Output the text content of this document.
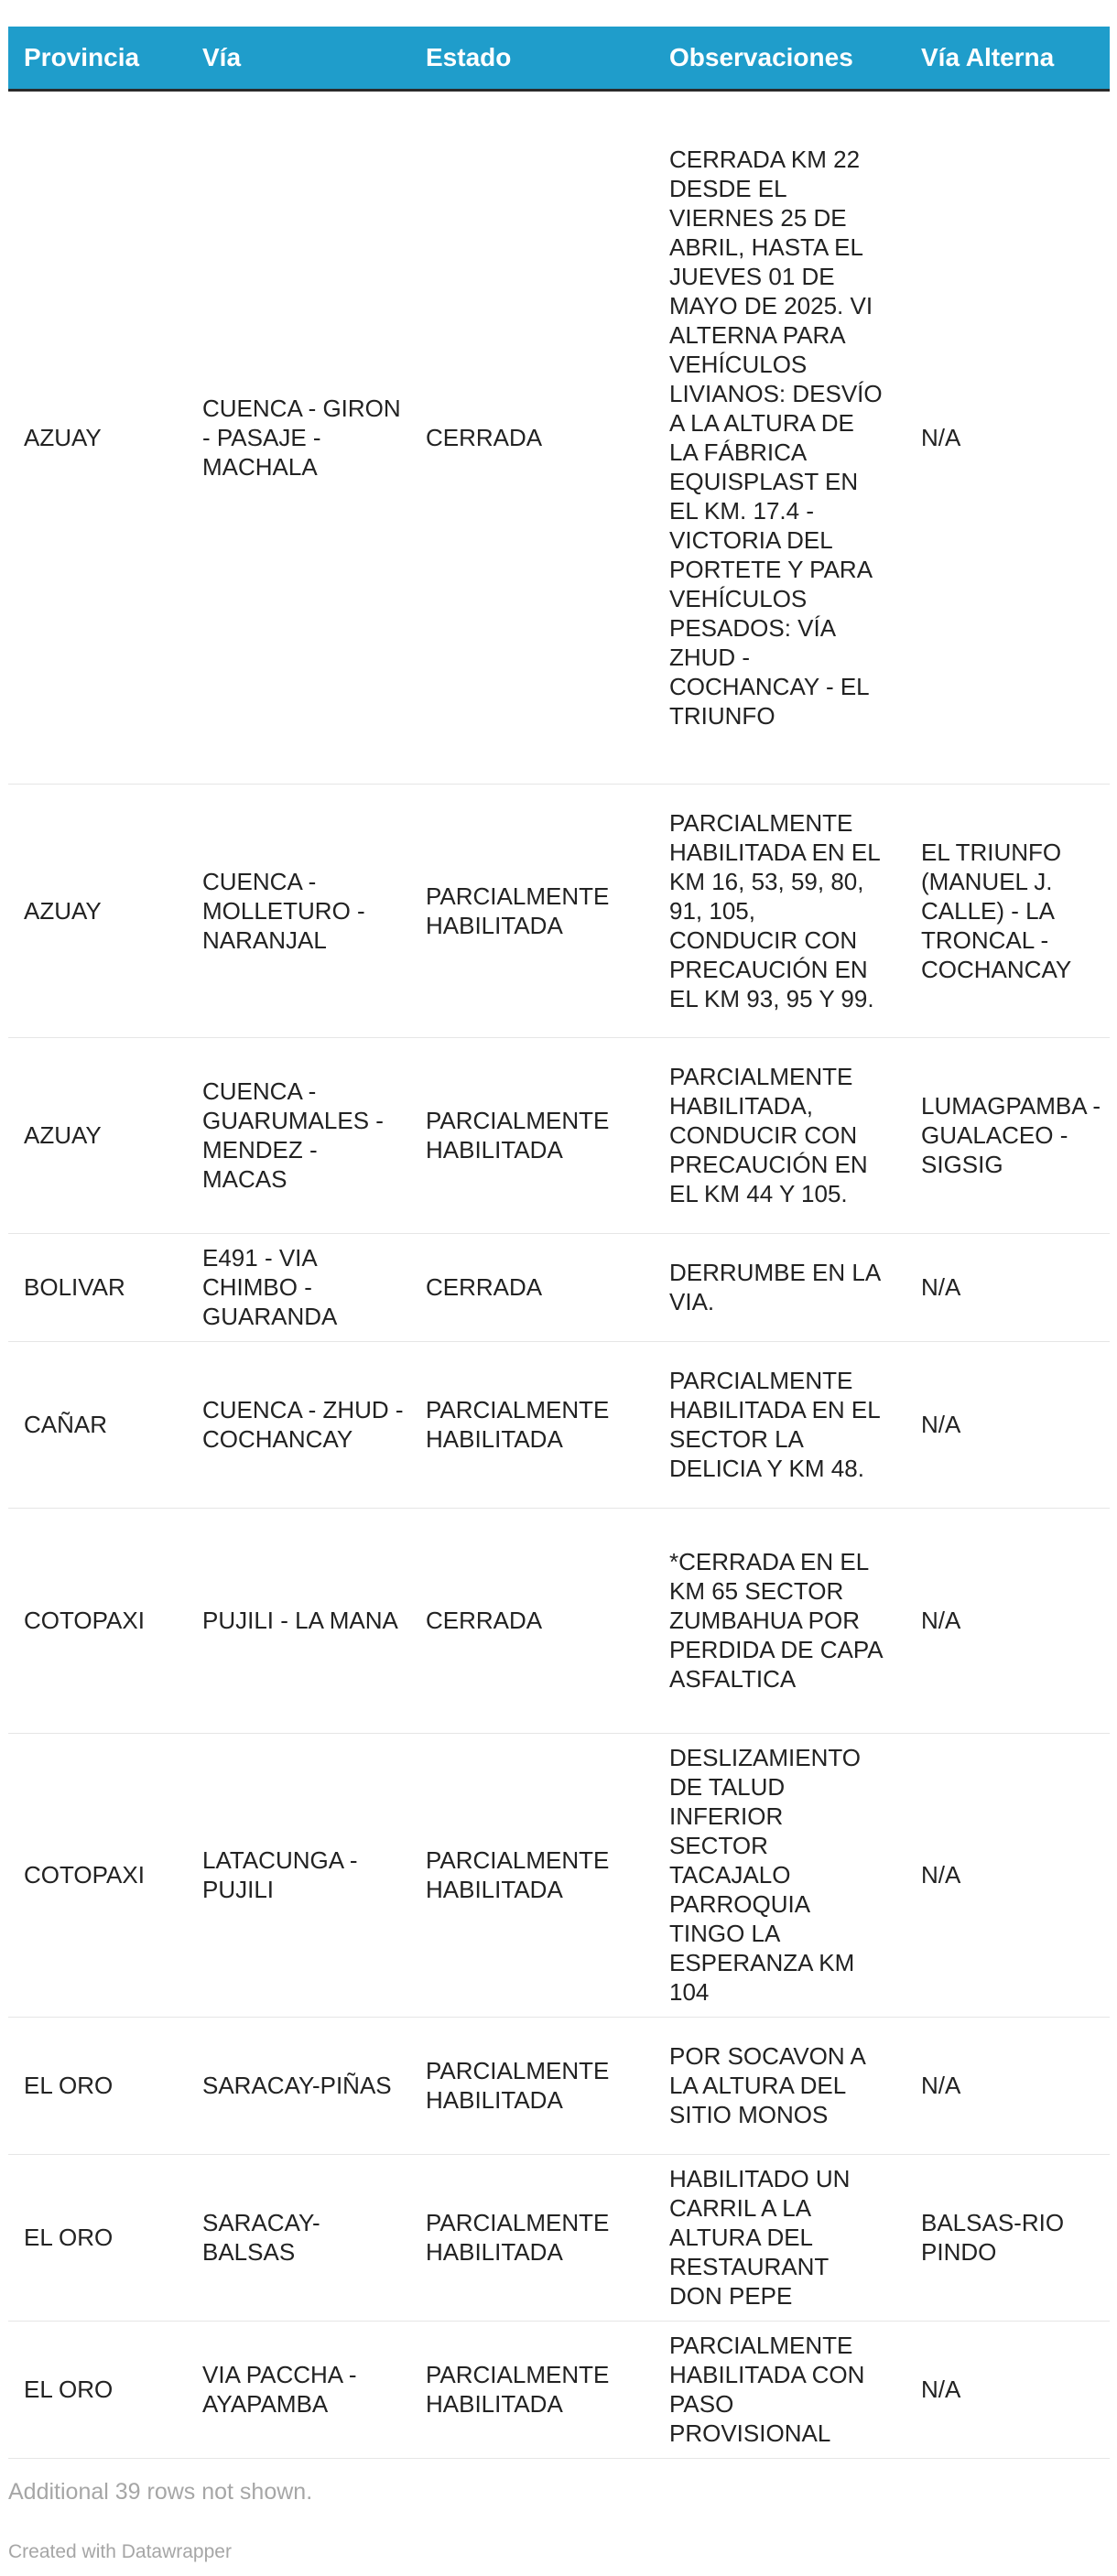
Provincia	Vía	Estado	Observaciones	Vía Alterna
AZUAY	CUENCA - GIRON - PASAJE - MACHALA	CERRADA	CERRADA KM 22 DESDE EL VIERNES 25 DE ABRIL, HASTA EL JUEVES 01 DE MAYO DE 2025. VI ALTERNA PARA VEHÍCULOS LIVIANOS: DESVÍO A LA ALTURA DE LA FÁBRICA EQUISPLAST EN EL KM. 17.4 - VICTORIA DEL PORTETE Y PARA VEHÍCULOS PESADOS: VÍA ZHUD - COCHANCAY - EL TRIUNFO	N/A
AZUAY	CUENCA - MOLLETURO - NARANJAL	PARCIALMENTE HABILITADA	PARCIALMENTE HABILITADA EN EL KM 16, 53, 59, 80, 91, 105, CONDUCIR CON PRECAUCIÓN EN EL KM 93, 95 Y 99.	EL TRIUNFO (MANUEL J. CALLE) - LA TRONCAL - COCHANCAY
AZUAY	CUENCA - GUARUMALES - MENDEZ - MACAS	PARCIALMENTE HABILITADA	PARCIALMENTE HABILITADA, CONDUCIR CON PRECAUCIÓN EN EL KM 44 Y 105.	LUMAGPAMBA - GUALACEO - SIGSIG
BOLIVAR	E491 - VIA CHIMBO - GUARANDA	CERRADA	DERRUMBE EN LA VIA.	N/A
CAÑAR	CUENCA - ZHUD - COCHANCAY	PARCIALMENTE HABILITADA	PARCIALMENTE HABILITADA EN EL SECTOR LA DELICIA Y KM 48.	N/A
COTOPAXI	PUJILI - LA MANA	CERRADA	*CERRADA EN EL KM 65 SECTOR ZUMBAHUA POR PERDIDA DE CAPA ASFALTICA	N/A
COTOPAXI	LATACUNGA - PUJILI	PARCIALMENTE HABILITADA	DESLIZAMIENTO DE TALUD INFERIOR SECTOR TACAJALO PARROQUIA TINGO LA ESPERANZA KM 104	N/A
EL ORO	SARACAY-PIÑAS	PARCIALMENTE HABILITADA	POR SOCAVON A LA ALTURA DEL SITIO MONOS	N/A
EL ORO	SARACAY-BALSAS	PARCIALMENTE HABILITADA	HABILITADO UN CARRIL A LA ALTURA DEL RESTAURANT DON PEPE	BALSAS-RIO PINDO
EL ORO	VIA PACCHA - AYAPAMBA	PARCIALMENTE HABILITADA	PARCIALMENTE HABILITADA CON PASO PROVISIONAL	N/A
Additional 39 rows not shown.
Created with Datawrapper
